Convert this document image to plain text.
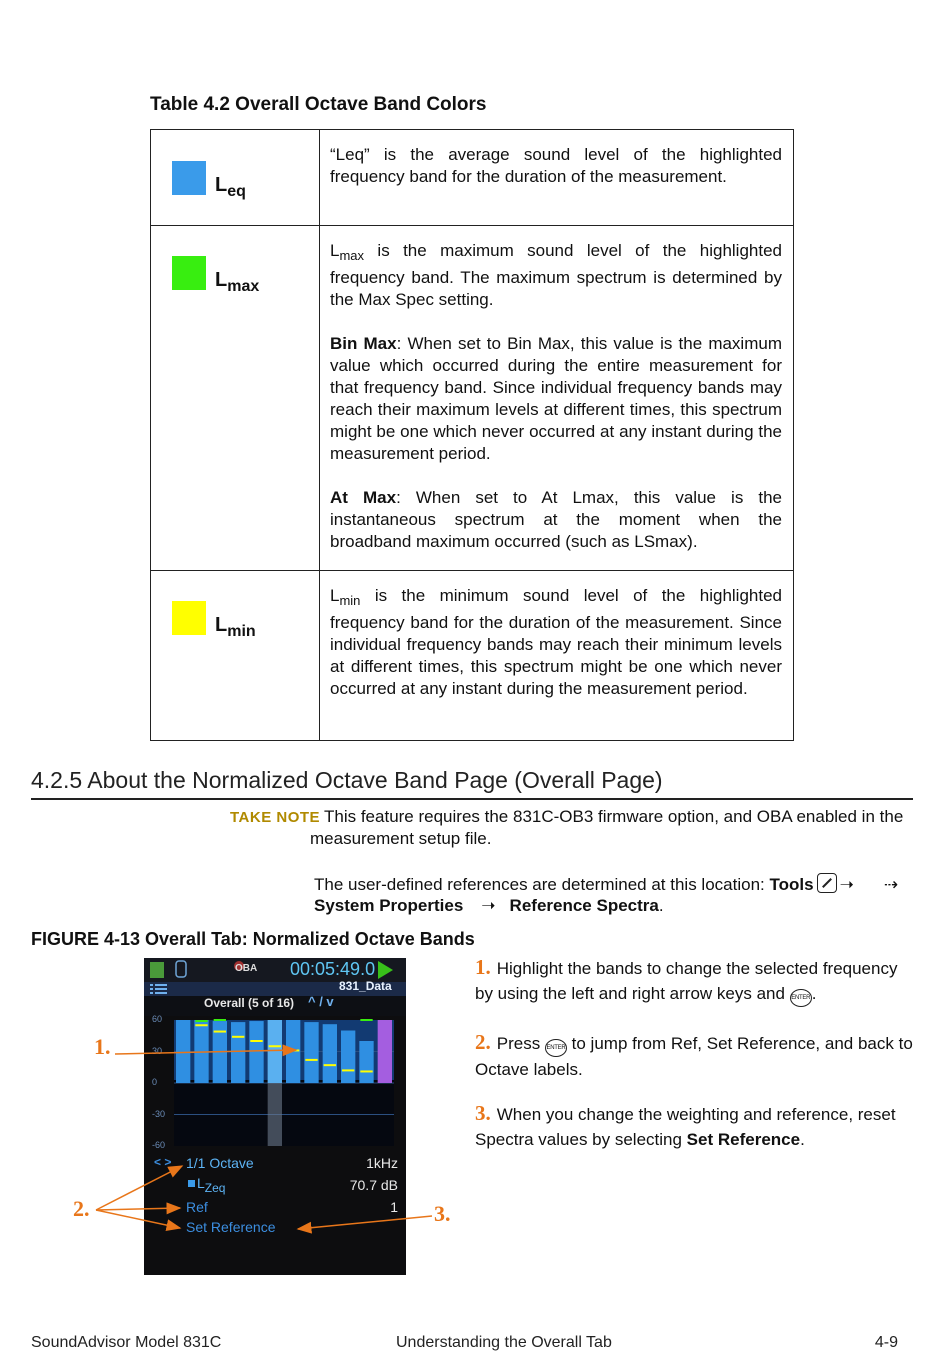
Table 4.2 Overall Octave Band Colors
$L_{eq}$	“Leq” is the average sound level of the highlighted frequency band for the duration of the measurement.

$L_{max}$	$L_{max}$ is the maximum sound level of the highlighted frequency band. The maximum spectrum is determined by the Max Spec setting.

Bin Max: When set to Bin Max, this value is the maximum value which occurred during the entire measurement for that frequency band. Since individual frequency bands may reach their maximum levels at different times, this spectrum might be one which never occurred at any instant during the measurement period.

At Max: When set to At Lmax, this value is the instantaneous spectrum at the moment when the broadband maximum occurred (such as LSmax).

$L_{min}$	$L_{min}$ is the minimum sound level of the highlighted frequency band for the duration of the measurement. Since individual frequency bands may reach their minimum levels at different times, this spectrum might be one which never occurred at any instant during the measurement period.

4.2.5 About the Normalized Octave Band Page (Overall Page)
TAKE NOTE This feature requires the 831C-OB3 firmware option, and OBA enabled in the
measurement setup file.
The user-defined references are determined at this location: Tools ➝ ⇢
System Properties ➝ Reference Spectra.
FIGURE 4-13 Overall Tab: Normalized Octave Bands
OBA 00:05:49.0
831_Data
Overall (5 of 16) ^ / v
60
30
0
-30
-60
< > 1/1 Octave	1kHz
$L_{Zeq}$	70.7 dB
Ref	1
Set Reference
1.
2.	3.
1. Highlight the bands to change the selected frequency by using the left and right arrow keys and ENTER.
2. Press ENTER to jump from Ref, Set Reference, and back to Octave labels.
3. When you change the weighting and reference, reset Spectra values by selecting Set Reference.
SoundAdvisor Model 831C	Understanding the Overall Tab	4-9
